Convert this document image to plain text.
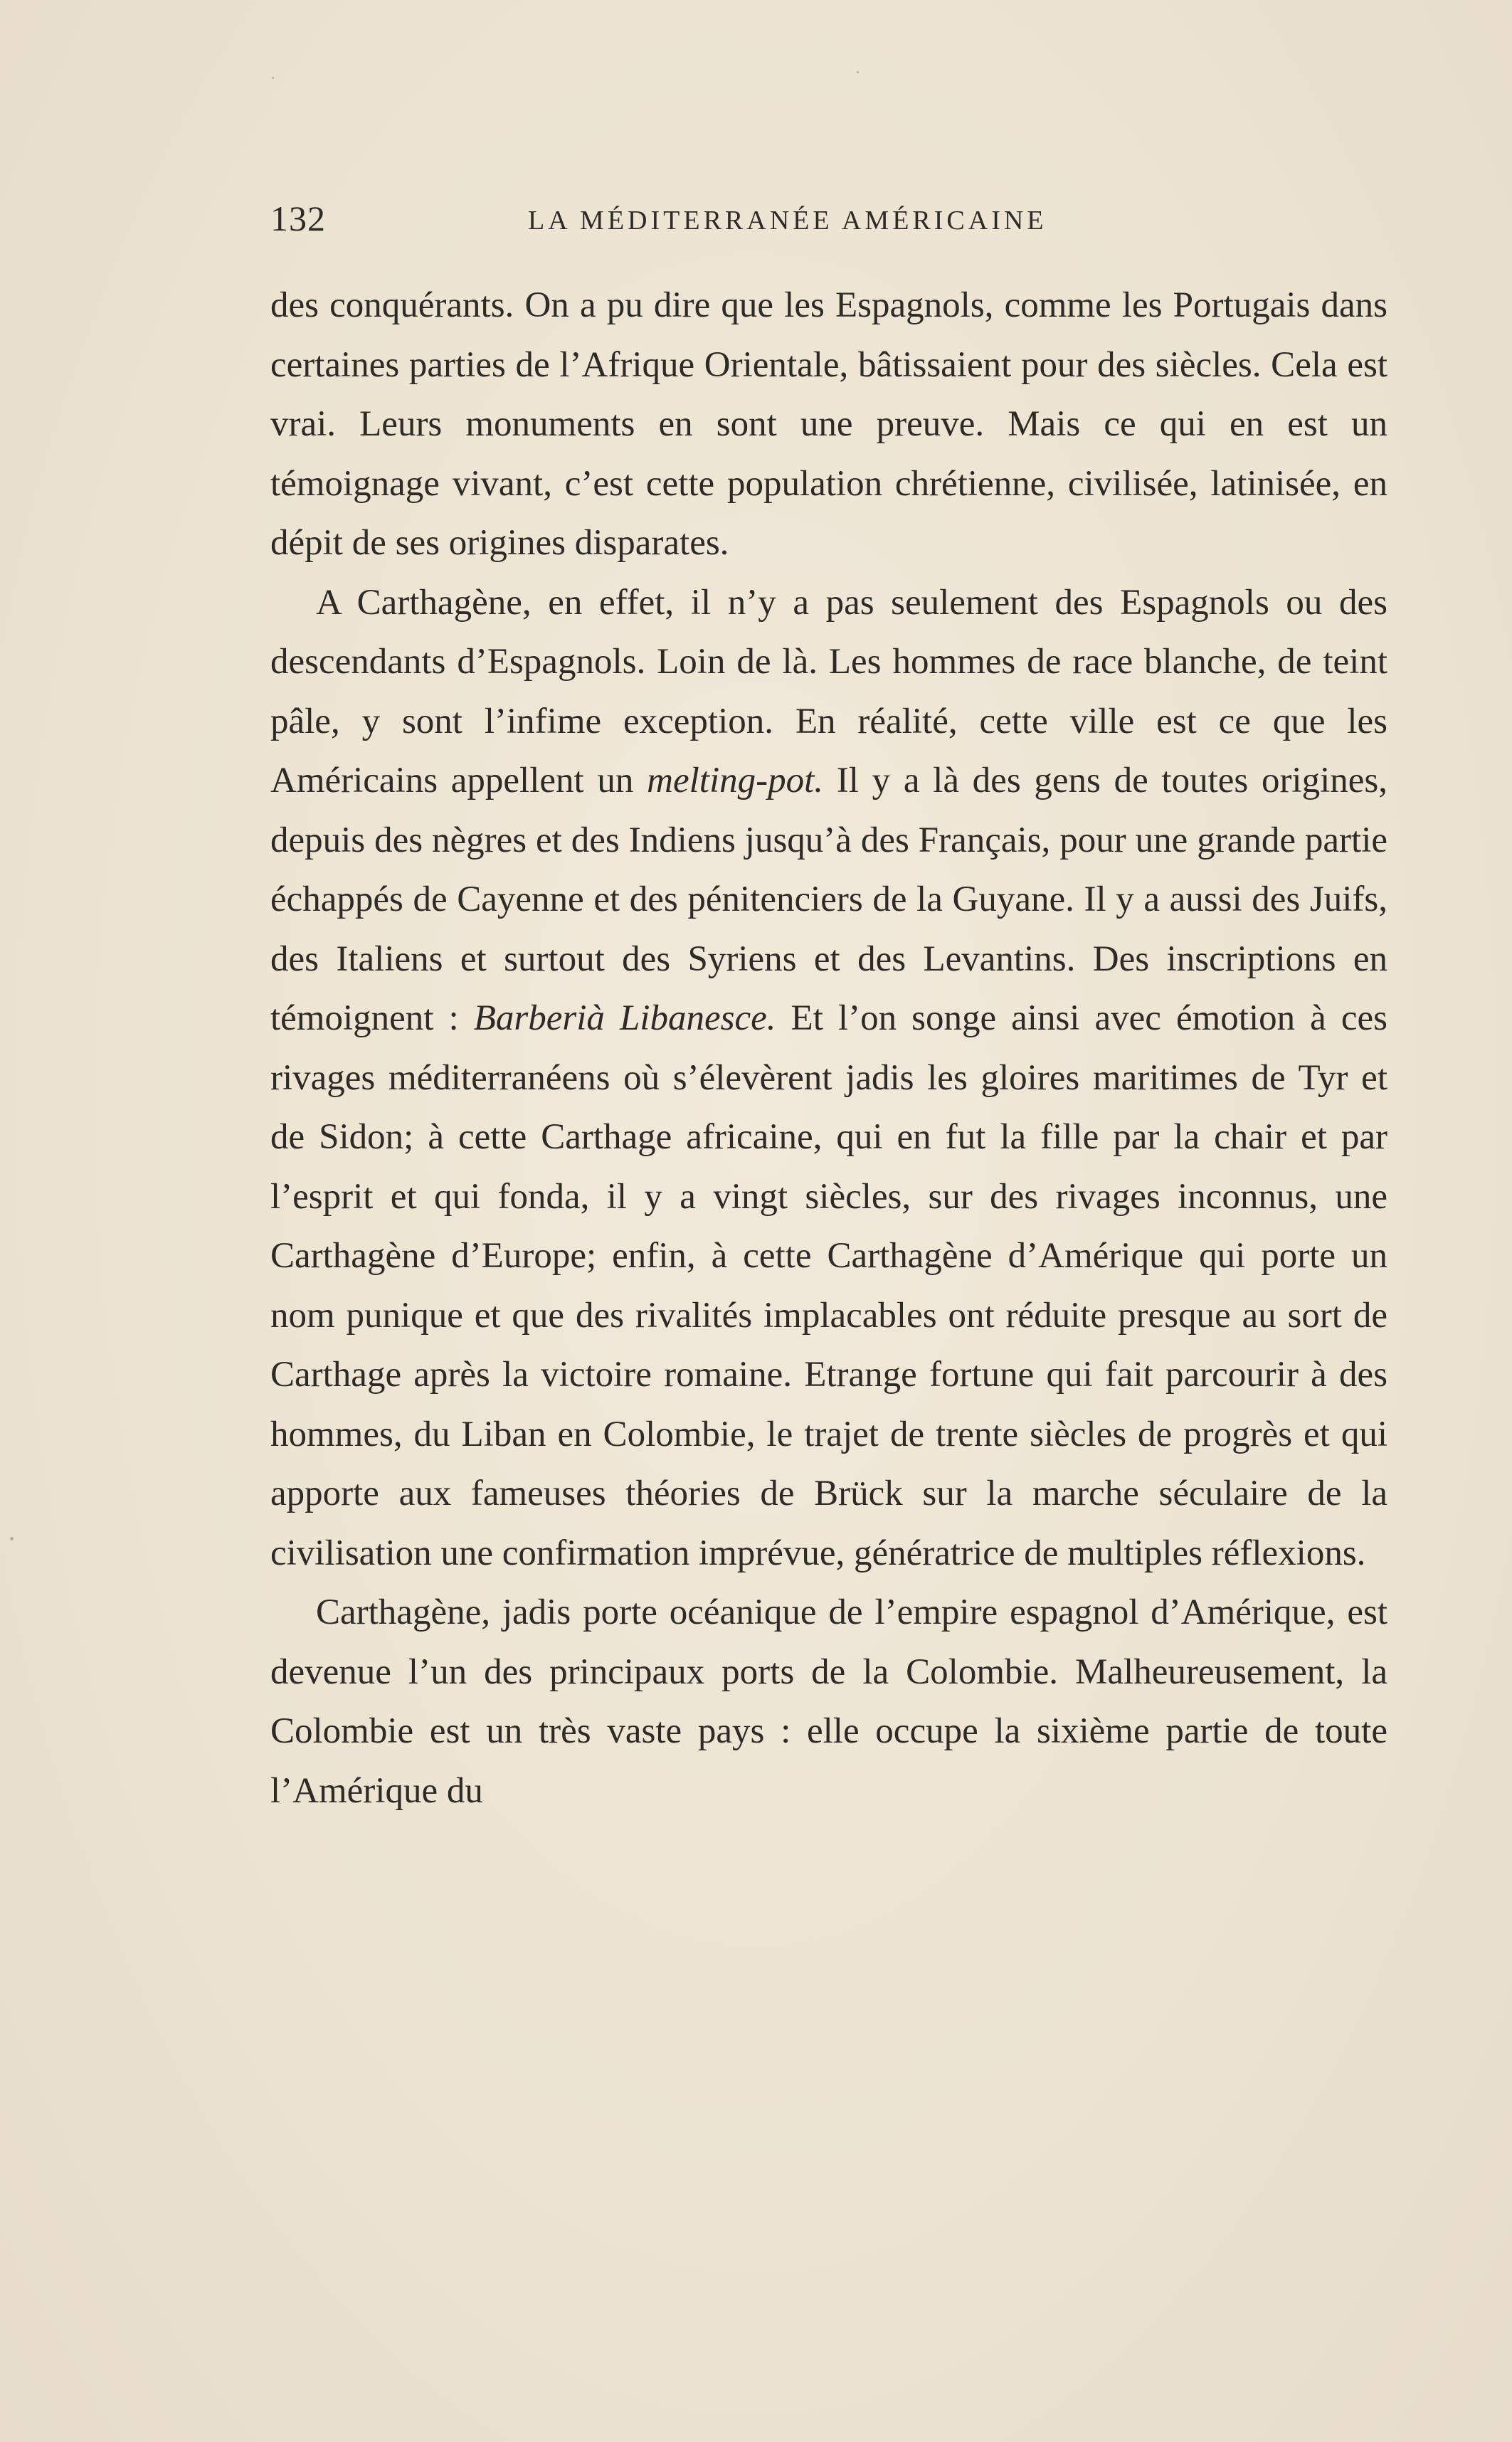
132	LA MÉDITERRANÉE AMÉRICAINE

des conquérants. On a pu dire que les Espagnols, comme les Portugais dans certaines parties de l’Afrique Orientale, bâtissaient pour des siècles. Cela est vrai. Leurs monuments en sont une preuve. Mais ce qui en est un témoignage vivant, c’est cette population chrétienne, civilisée, latinisée, en dépit de ses origines disparates.

A Carthagène, en effet, il n’y a pas seulement des Espagnols ou des descendants d’Espagnols. Loin de là. Les hommes de race blanche, de teint pâle, y sont l’infime exception. En réalité, cette ville est ce que les Américains appellent un melting-pot. Il y a là des gens de toutes origines, depuis des nègres et des Indiens jusqu’à des Français, pour une grande partie échappés de Cayenne et des pénitenciers de la Guyane. Il y a aussi des Juifs, des Italiens et surtout des Syriens et des Levantins. Des inscriptions en témoignent : Barberià Libanesce. Et l’on songe ainsi avec émotion à ces rivages méditerranéens où s’élevèrent jadis les gloires maritimes de Tyr et de Sidon; à cette Carthage africaine, qui en fut la fille par la chair et par l’esprit et qui fonda, il y a vingt siècles, sur des rivages inconnus, une Carthagène d’Europe; enfin, à cette Carthagène d’Amérique qui porte un nom punique et que des rivalités implacables ont réduite presque au sort de Carthage après la victoire romaine. Etrange fortune qui fait parcourir à des hommes, du Liban en Colombie, le trajet de trente siècles de progrès et qui apporte aux fameuses théories de Brück sur la marche séculaire de la civilisation une confirmation imprévue, génératrice de multiples réflexions.

Carthagène, jadis porte océanique de l’empire espagnol d’Amérique, est devenue l’un des principaux ports de la Colombie. Malheureusement, la Colombie est un très vaste pays : elle occupe la sixième partie de toute l’Amérique du
